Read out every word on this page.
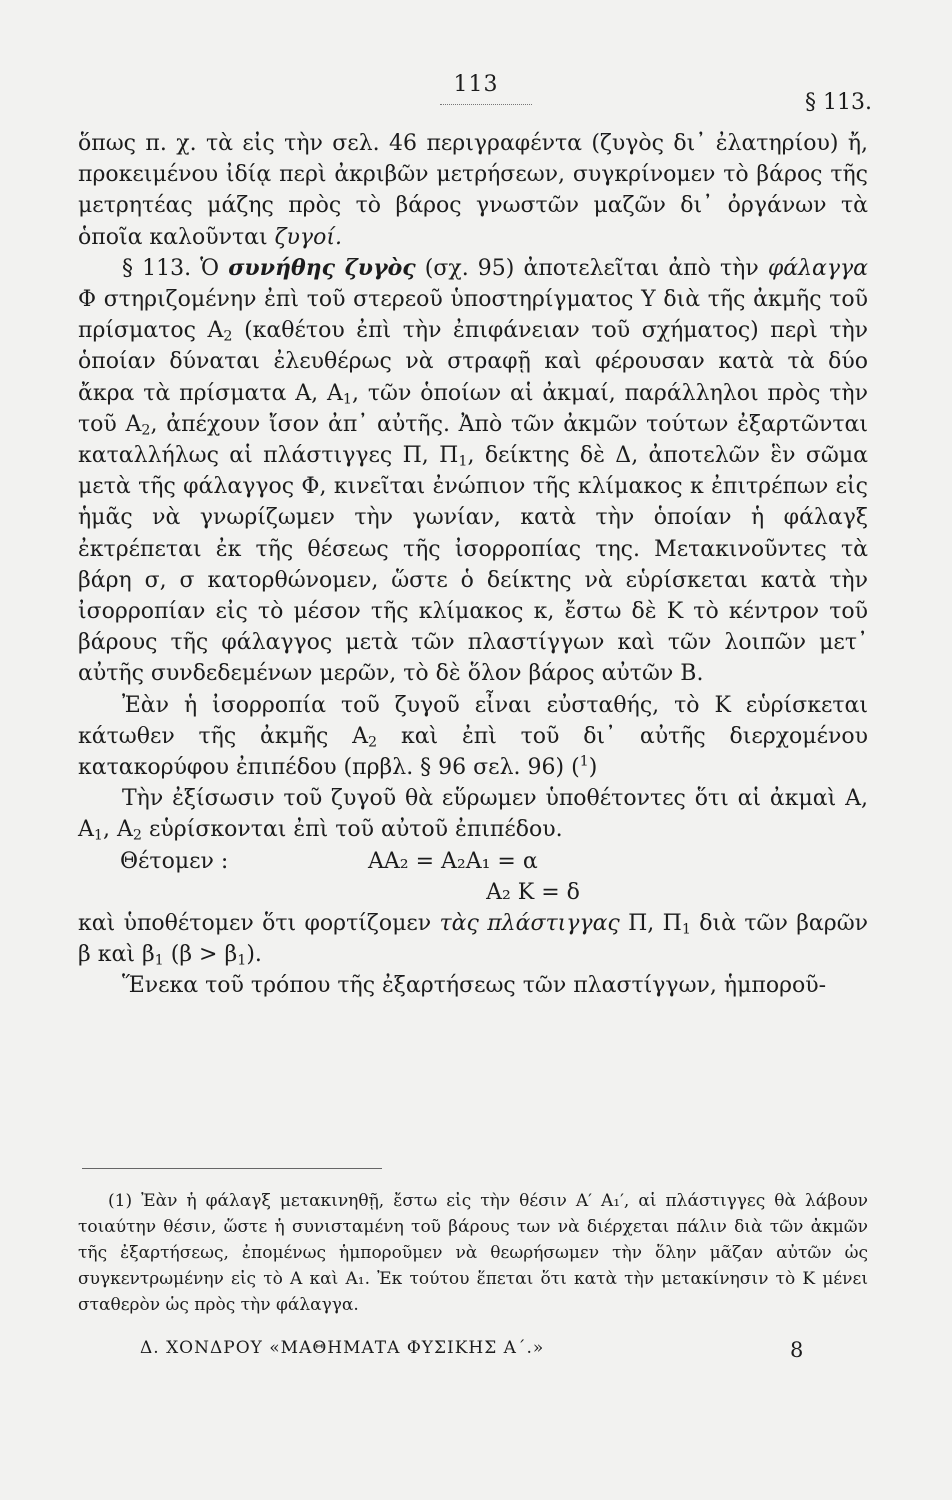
113
§ 113.

ὅπως π. χ. τὰ εἰς τὴν σελ. 46 περιγραφέντα (ζυγὸς δι᾽ ἐλατηρίου) ἤ, προκειμένου ἰδίᾳ περὶ ἀκριβῶν μετρήσεων, συγκρίνομεν τὸ βάρος τῆς μετρητέας μάζης πρὸς τὸ βάρος γνωστῶν μαζῶν δι᾽ ὀργάνων τὰ ὁποῖα καλοῦνται ζυγοί.

§ 113. Ὁ συνήθης ζυγὸς (σχ. 95) ἀποτελεῖται ἀπὸ τὴν φάλαγγα Φ στηριζομένην ἐπὶ τοῦ στερεοῦ ὑποστηρίγματος Υ διὰ τῆς ἀκμῆς τοῦ πρίσματος $A_2$ (καθέτου ἐπὶ τὴν ἐπιφάνειαν τοῦ σχήματος) περὶ τὴν ὁποίαν δύναται ἐλευθέρως νὰ στραφῇ καὶ φέρουσαν κατὰ τὰ δύο ἄκρα τὰ πρίσματα Α, $A_1$, τῶν ὁποίων αἱ ἀκμαί, παράλληλοι πρὸς τὴν τοῦ $A_2$, ἀπέχουν ἴσον ἀπ᾽ αὐτῆς. Ἀπὸ τῶν ἀκμῶν τούτων ἐξαρτῶνται καταλλήλως αἱ πλάστιγγες Π, $\Pi_1$, δείκτης δὲ Δ, ἀποτελῶν ἓν σῶμα μετὰ τῆς φάλαγγος Φ, κινεῖται ἐνώπιον τῆς κλίμακος κ ἐπιτρέπων εἰς ἡμᾶς νὰ γνωρίζωμεν τὴν γωνίαν, κατὰ τὴν ὁποίαν ἡ φάλαγξ ἐκτρέπεται ἐκ τῆς θέσεως τῆς ἰσορροπίας της. Μετακινοῦντες τὰ βάρη σ, σ κατορθώνομεν, ὥστε ὁ δείκτης νὰ εὑρίσκεται κατὰ τὴν ἰσορροπίαν εἰς τὸ μέσον τῆς κλίμακος κ, ἔστω δὲ Κ τὸ κέντρον τοῦ βάρους τῆς φάλαγγος μετὰ τῶν πλαστίγγων καὶ τῶν λοιπῶν μετ᾽ αὐτῆς συνδεδεμένων μερῶν, τὸ δὲ ὅλον βάρος αὐτῶν Β.

Ἐὰν ἡ ἰσορροπία τοῦ ζυγοῦ εἶναι εὐσταθής, τὸ Κ εὑρίσκεται κάτωθεν τῆς ἀκμῆς $A_2$ καὶ ἐπὶ τοῦ δι᾽ αὐτῆς διερχομένου κατακορύφου ἐπιπέδου (πρβλ. § 96 σελ. 96) ($^1$)

Τὴν ἐξίσωσιν τοῦ ζυγοῦ θὰ εὕρωμεν ὑποθέτοντες ὅτι αἱ ἀκμαὶ Α, $A_1$, $A_2$ εὑρίσκονται ἐπὶ τοῦ αὐτοῦ ἐπιπέδου.

Θέτομεν :	ΑΑ₂ = Α₂Α₁ = α
Α₂ Κ = δ

καὶ ὑποθέτομεν ὅτι φορτίζομεν τὰς πλάστιγγας Π, $\Pi_1$ διὰ τῶν βαρῶν β καὶ $\beta_1$ $(\beta > \beta_1)$.

Ἕνεκα τοῦ τρόπου τῆς ἐξαρτήσεως τῶν πλαστίγγων, ἡμποροῦ-

(1) Ἐὰν ἡ φάλαγξ μετακινηθῇ, ἔστω εἰς τὴν θέσιν Α′ Α₁′, αἱ πλάστιγγες θὰ λάβουν τοιαύτην θέσιν, ὥστε ἡ συνισταμένη τοῦ βάρους των νὰ διέρχεται πάλιν διὰ τῶν ἀκμῶν τῆς ἐξαρτήσεως, ἐπομένως ἡμποροῦμεν νὰ θεωρήσωμεν τὴν ὅλην μᾶζαν αὐτῶν ὡς συγκεντρωμένην εἰς τὸ Α καὶ Α₁. Ἐκ τούτου ἕπεται ὅτι κατὰ τὴν μετακίνησιν τὸ Κ μένει σταθερὸν ὡς πρὸς τὴν φάλαγγα.

Δ. ΧΟΝΔΡΟΥ «ΜΑΘΗΜΑΤΑ ΦΥΣΙΚΗΣ Α΄.»	8
